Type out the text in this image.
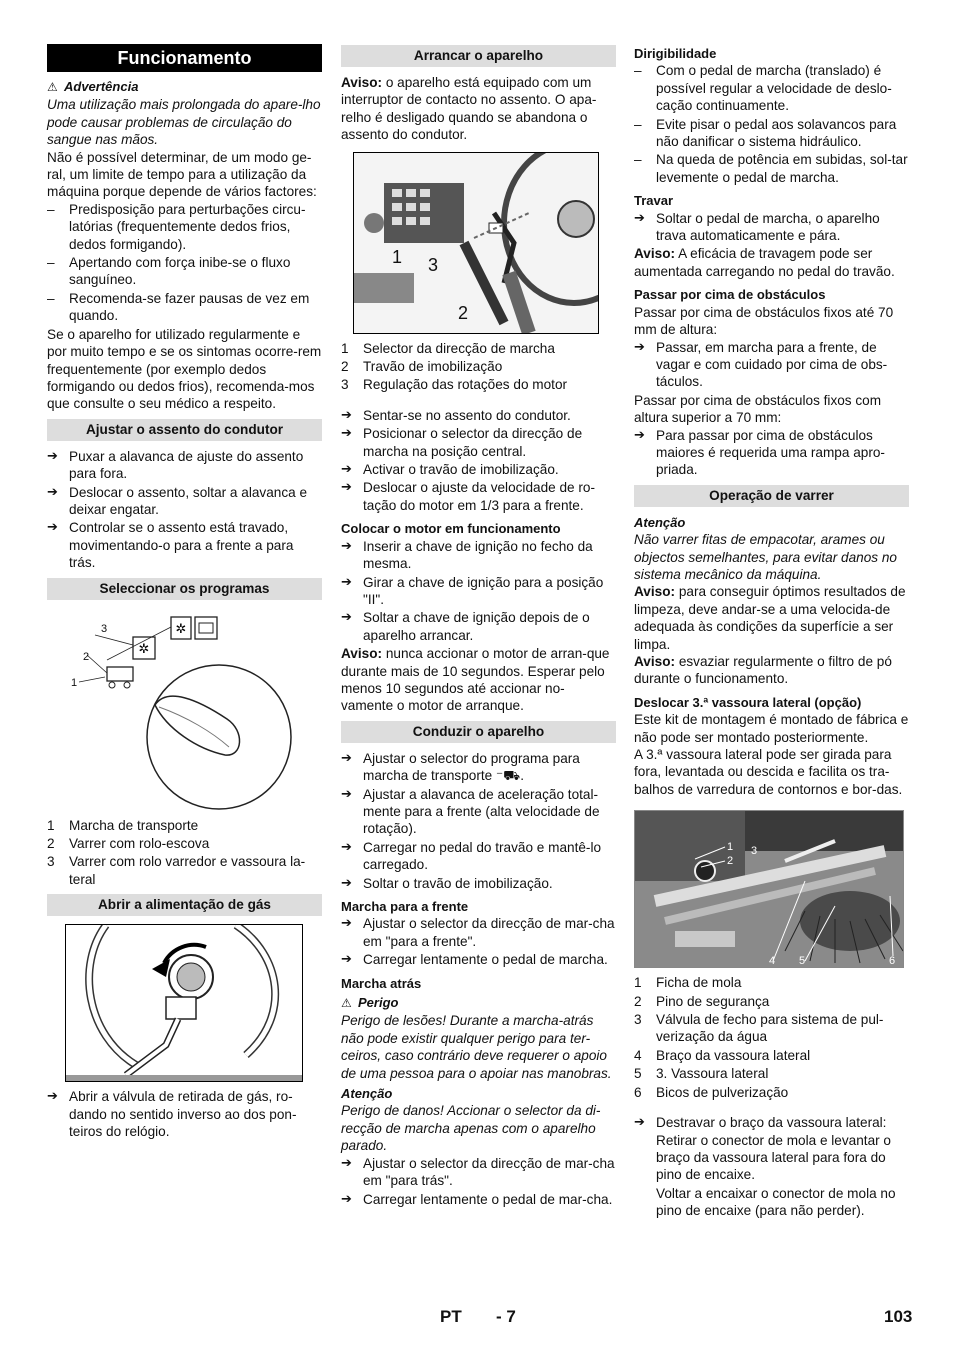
Funcionamento
⚠ Advertência

Uma utilização mais prolongada do apare-lho pode causar problemas de circulação do sangue nas mãos.

Não é possível determinar, de um modo ge-ral, um limite de tempo para a utilização da máquina porque depende de vários factores:

– Predisposição para perturbações circu-latórias (frequentemente dedos frios, dedos formigando).
– Apertando com força inibe-se o fluxo sanguíneo.
– Recomenda-se fazer pausas de vez em quando.

Se o aparelho for utilizado regularmente e por muito tempo e se os sintomas ocorre-rem frequentemente (por exemplo dedos formigando ou dedos frios), recomenda-mos que consulte o seu médico a respeito.

Ajustar o assento do condutor
➔ Puxar a alavanca de ajuste do assento para fora.
➔ Deslocar o assento, soltar a alavanca e deixar engatar.
➔ Controlar se o assento está travado, movimentando-o para a frente a para trás.
Seleccionar os programas
✲
✲
1
2
3
1 Marcha de transporte
2 Varrer com rolo-escova
3 Varrer com rolo varredor e vassoura la-teral
Abrir a alimentação de gás
➔ Abrir a válvula de retirada de gás, ro-dando no sentido inverso ao dos pon-teiros do relógio.
Arrancar o aparelho

Aviso: o aparelho está equipado com um interruptor de contacto no assento. O apa-relho é desligado quando se abandona o assento do condutor.

1 3
2
1 Selector da direcção de marcha
2 Travão de imobilização
3 Regulação das rotações do motor
➔ Sentar-se no assento do condutor.
➔ Posicionar o selector da direcção de marcha na posição central.
➔ Activar o travão de imobilização.
➔ Deslocar o ajuste da velocidade de ro-tação do motor em 1/3 para a frente.
Colocar o motor em funcionamento
➔ Inserir a chave de ignição no fecho da mesma.
➔ Girar a chave de ignição para a posição "II".
➔ Soltar a chave de ignição depois de o aparelho arrancar.

Aviso: nunca accionar o motor de arran-que durante mais de 10 segundos. Esperar pelo menos 10 segundos até accionar no-vamente o motor de arranque.

Conduzir o aparelho
➔ Ajustar o selector do programa para marcha de transporte ⁻⛟.
➔ Ajustar a alavanca de aceleração total-mente para a frente (alta velocidade de rotação).
➔ Carregar no pedal do travão e mantê-lo carregado.
➔ Soltar o travão de imobilização.
Marcha para a frente
➔ Ajustar o selector da direcção de mar-cha em "para a frente".
➔ Carregar lentamente o pedal de marcha.
Marcha atrás
⚠ Perigo

Perigo de lesões! Durante a marcha-atrás não pode existir qualquer perigo para ter-ceiros, caso contrário deve requerer o apoio de uma pessoa para o apoiar nas manobras.

Atenção

Perigo de danos! Accionar o selector da di-recção de marcha apenas com o aparelho parado.

➔ Ajustar o selector da direcção de mar-cha em "para trás".
➔ Carregar lentamente o pedal de mar-cha.
Dirigibilidade
– Com o pedal de marcha (translado) é possível regular a velocidade de deslo-cação continuamente.
– Evite pisar o pedal aos solavancos para não danificar o sistema hidráulico.
– Na queda de potência em subidas, sol-tar levemente o pedal de marcha.
Travar
➔ Soltar o pedal de marcha, o aparelho trava automaticamente e pára.

Aviso: A eficácia de travagem pode ser aumentada carregando no pedal do travão.

Passar por cima de obstáculos

Passar por cima de obstáculos fixos até 70 mm de altura:

➔ Passar, em marcha para a frente, de vagar e com cuidado por cima de obs-táculos.

Passar por cima de obstáculos fixos com altura superior a 70 mm:

➔ Para passar por cima de obstáculos maiores é requerida uma rampa apro-priada.
Operação de varrer
Atenção

Não varrer fitas de empacotar, arames ou objectos semelhantes, para evitar danos no sistema mecânico da máquina.

Aviso: para conseguir óptimos resultados de limpeza, deve andar-se a uma velocida-de adequada às condições da superfície a ser limpa.

Aviso: esvaziar regularmente o filtro de pó durante o funcionamento.

Deslocar 3.ª vassoura lateral (opção)

Este kit de montagem é montado de fábrica e não pode ser montado posteriormente.

A 3.ª vassoura lateral pode ser girada para fora, levantada ou descida e facilita os tra-balhos de varredura de contornos e bor-das.

1
2
3
4 5	6
1 Ficha de mola
2 Pino de segurança
3 Válvula de fecho para sistema de pul-verização da água
4 Braço da vassoura lateral
5 3. Vassoura lateral
6 Bicos de pulverização
➔ Destravar o braço da vassoura lateral: Retirar o conector de mola e levantar o braço da vassoura lateral para fora do pino de encaixe.
Voltar a encaixar o conector de mola no pino de encaixe (para não perder).
PT - 7	103
